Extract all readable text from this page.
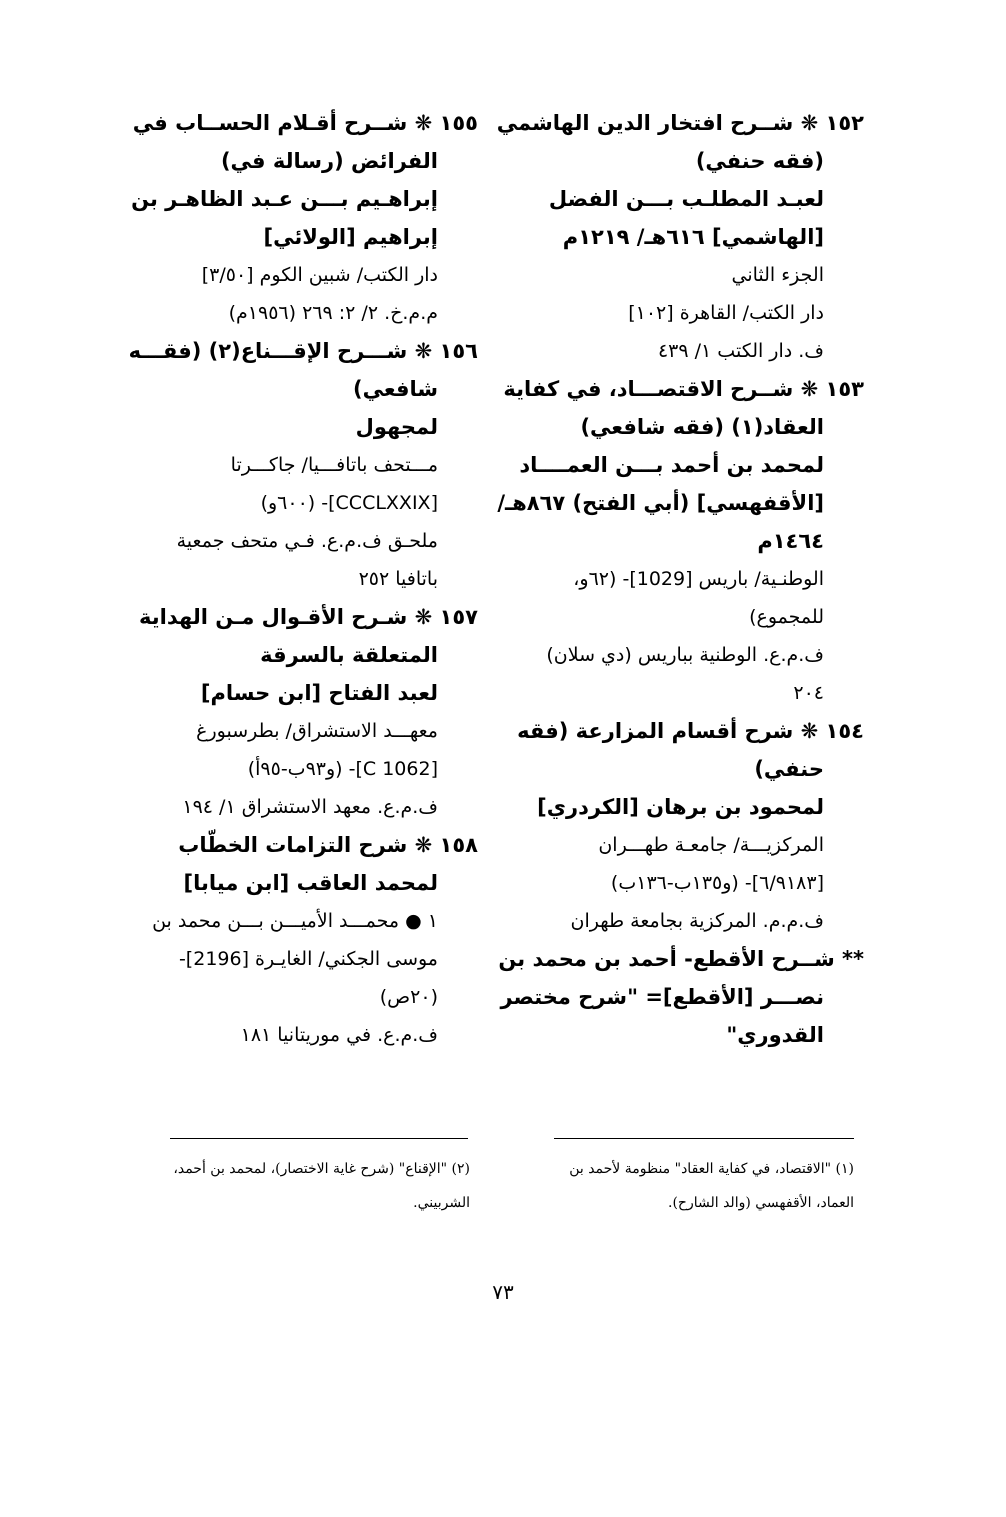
١٥٢ ❋ شــرح افتخار الدين الهاشمي
(فقه حنفي)
لعبـد المطلـب بـــن الفضل
[الهاشمي] ٦١٦هـ/ ١٢١٩م
الجزء الثاني
دار الكتب/ القاهرة [١٠٢]
ف. دار الكتب ١/ ٤٣٩
١٥٣ ❋ شــرح الاقتصـــاد، في كفاية
العقاد(١) (فقه شافعي)
لمحمد بن أحمد بـــن العمــــاد
[الأقفهسي] (أبي الفتح) ٨٦٧هـ/
١٤٦٤م
الوطنـية/ باريس [1029]- (٦٢و،
للمجموع)
ف.م.ع. الوطنية بباريس (دي سلان)
٢٠٤
١٥٤ ❋ شرح أقسام المزارعة (فقه
حنفي)
لمحمود بن برهان [الكردري]
المركزيـــة/ جامعـة طهـــران
[٦/٩١٨٣]- (و١٣٥ب-١٣٦ب)
ف.م.م. المركزية بجامعة طهران
** شــرح الأقطع- أحمد بن محمد بن
نصـــر [الأقطع]= "شرح مختصر
القدوري"
١٥٥ ❋ شــرح أقـلام الحســاب في
الفرائض (رسالة في)
إبراهـيم بـــن عـبد الظاهـر بن
إبراهيم [الولائي]
دار الكتب/ شبين الكوم [٣/٥٠]
م.م.خ. ٢/ ٢: ٢٦٩ (١٩٥٦م)
١٥٦ ❋ شـــرح الإقـــناع(٢) (فقـــه
شافعي)
لمجهول
مـــتحف باتافـــيا/ جاكـــرتا
[CCCLXXIX]- (٦٠٠و)
ملحـق ف.م.ع. فـي متحف جمعية
باتافيا ٢٥٢
١٥٧ ❋ شـرح الأقـوال مـن الهداية
المتعلقة بالسرقة
لعبد الفتاح [ابن حسام]
معهـــد الاستشراق/ بطرسبورغ
[C 1062]- (و٩٣ب-٩٥أ)
ف.م.ع. معهد الاستشراق ١/ ١٩٤
١٥٨ ❋ شرح التزامات الخطّاب
لمحمد العاقب [ابن ميابا]
١ ● محمـــد الأميـــن بـــن محمد بن
موسى الجكني/ الغايـرة [2196]-
(٢٠ص)
ف.م.ع. في موريتانيا ١٨١
(١) "الاقتصاد، في كفاية العقاد" منظومة لأحمد بن
العماد، الأقفهسي (والد الشارح).
(٢) "الإقناع" (شرح غاية الاختصار)، لمحمد بن أحمد،
الشربيني.
٧٣
